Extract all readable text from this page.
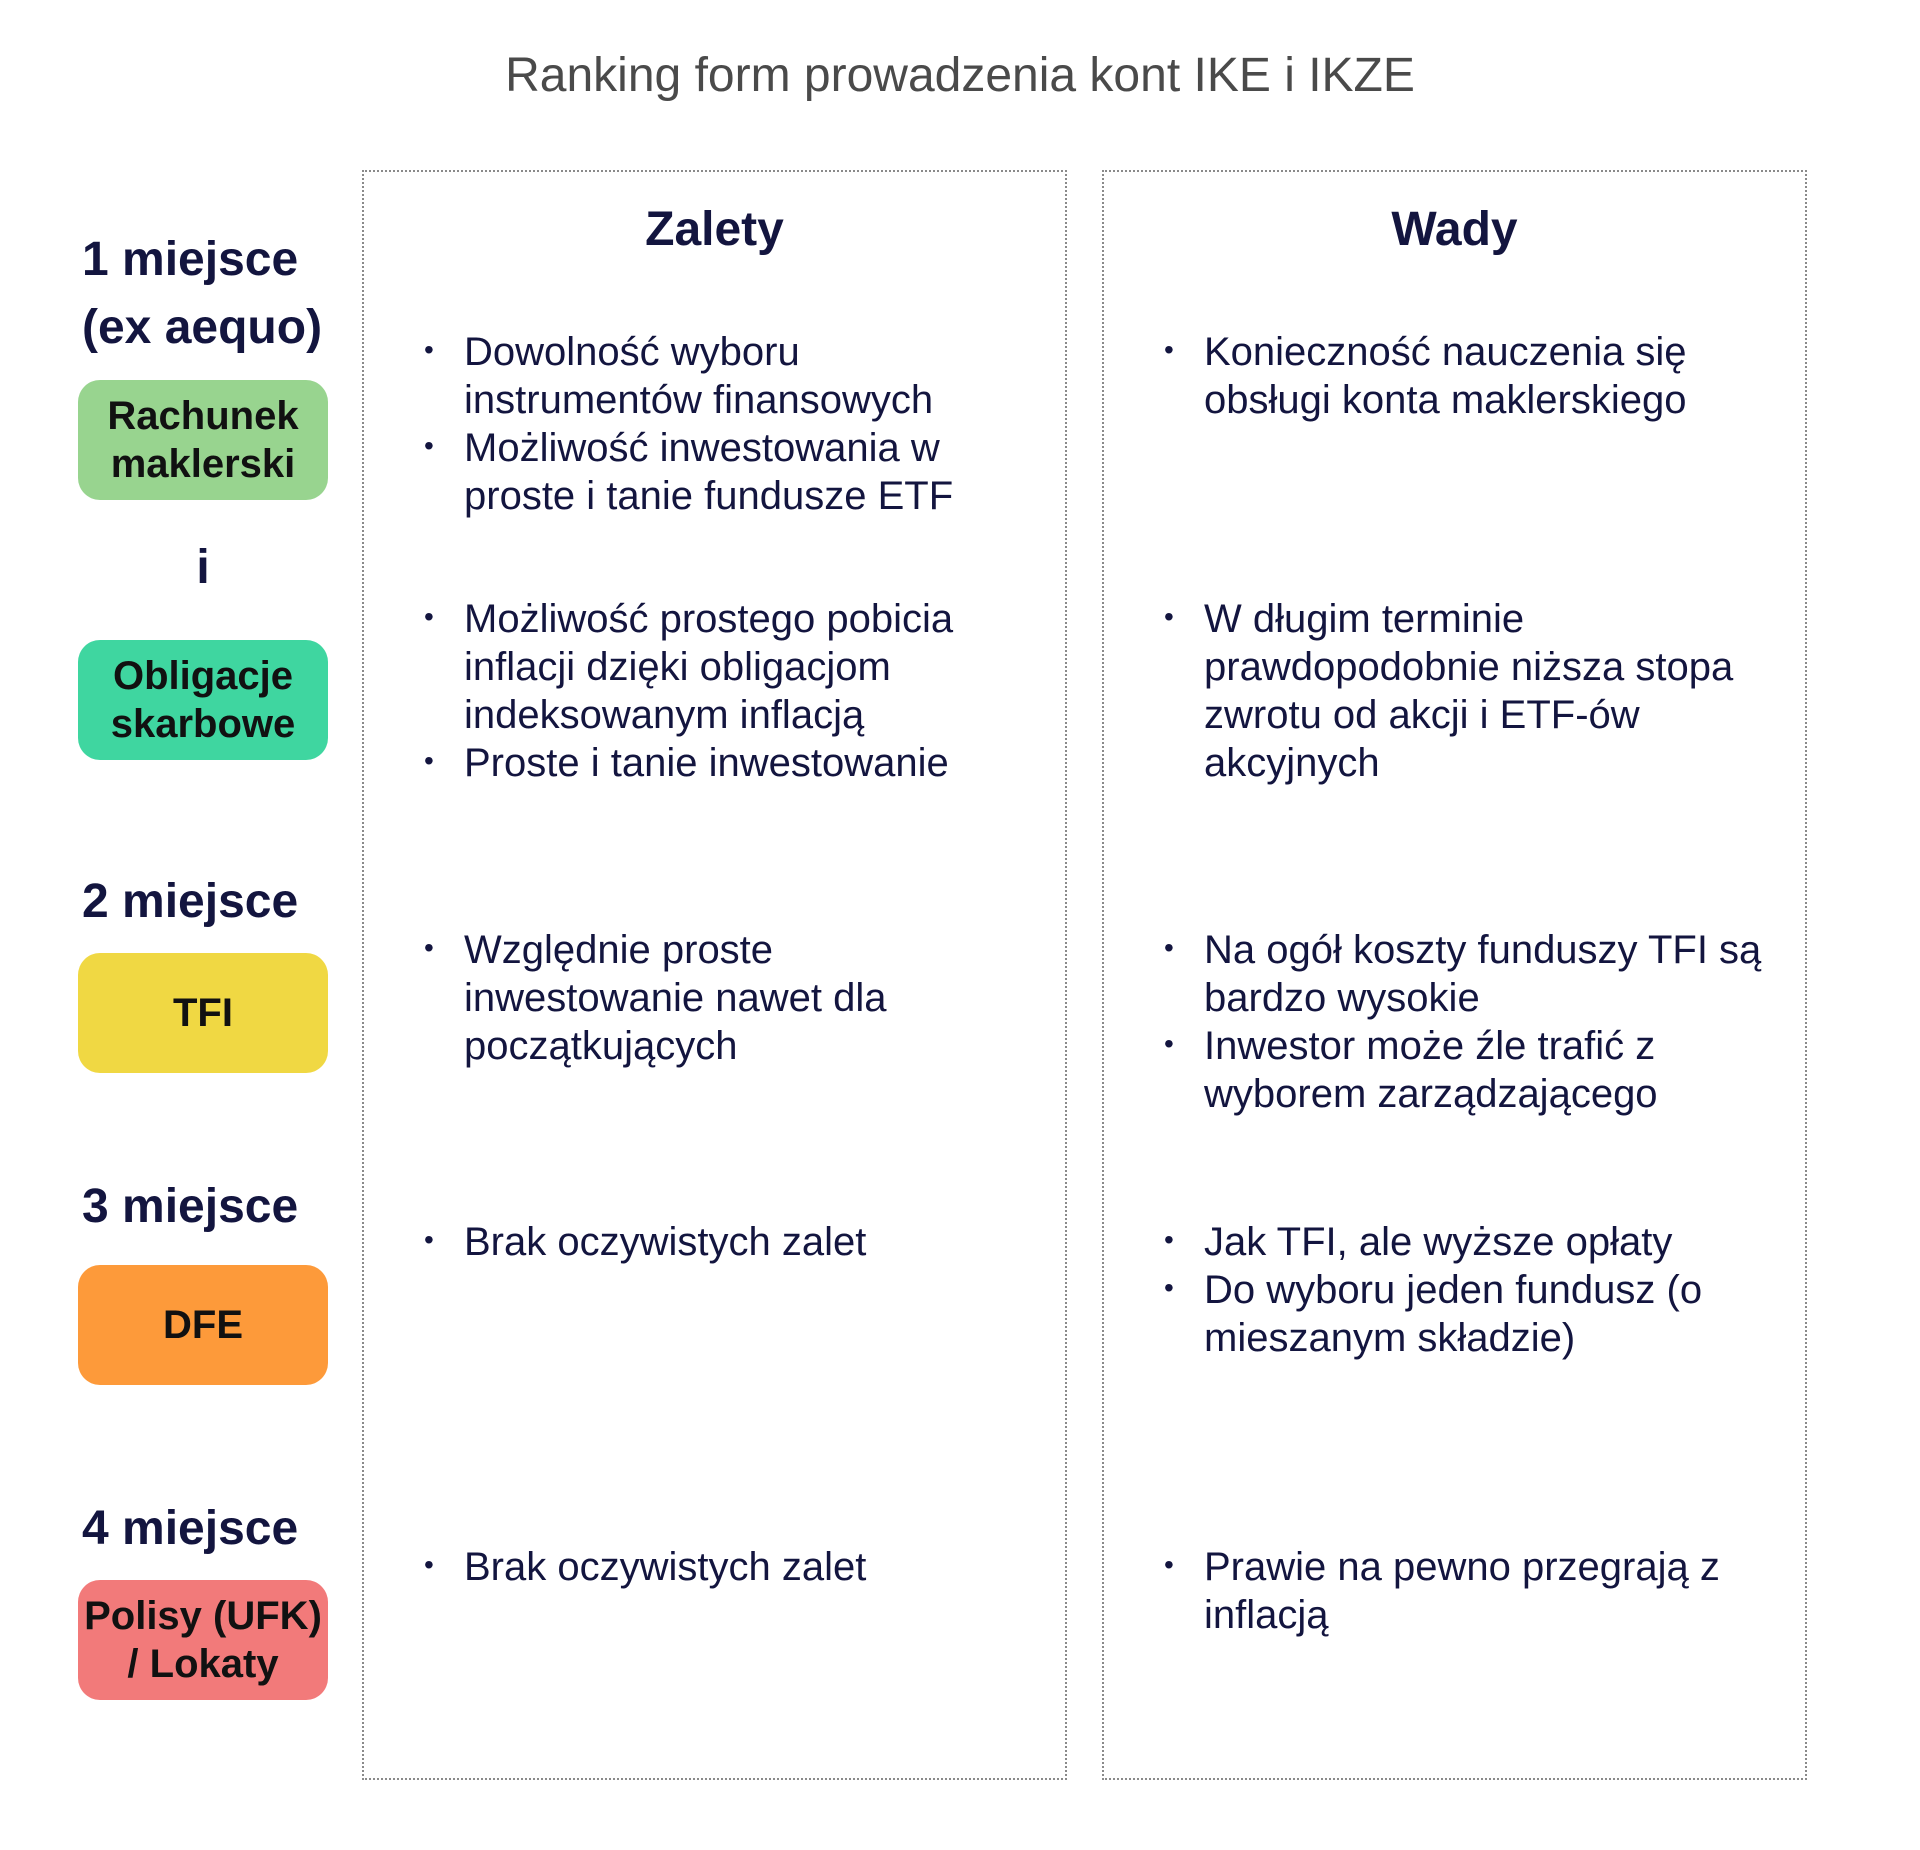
Ranking form prowadzenia kont IKE i IKZE
1 miejsce
(ex aequo)
Rachunek
maklerski
i
Obligacje
skarbowe
2 miejsce
TFI
3 miejsce
DFE
4 miejsce
Polisy (UFK)
/ Lokaty
Zalety
• Dowolność wyboru instrumentów finansowych
• Możliwość inwestowania w proste i tanie fundusze ETF
• Możliwość prostego pobicia inflacji dzięki obligacjom indeksowanym inflacją
• Proste i tanie inwestowanie
• Względnie proste inwestowanie nawet dla początkujących
• Brak oczywistych zalet
• Brak oczywistych zalet
Wady
• Konieczność nauczenia się obsługi konta maklerskiego
• W długim terminie prawdopodobnie niższa stopa zwrotu od akcji i ETF-ów akcyjnych
• Na ogół koszty funduszy TFI są bardzo wysokie
• Inwestor może źle trafić z wyborem zarządzającego
• Jak TFI, ale wyższe opłaty
• Do wyboru jeden fundusz (o mieszanym składzie)
• Prawie na pewno przegrają z inflacją
